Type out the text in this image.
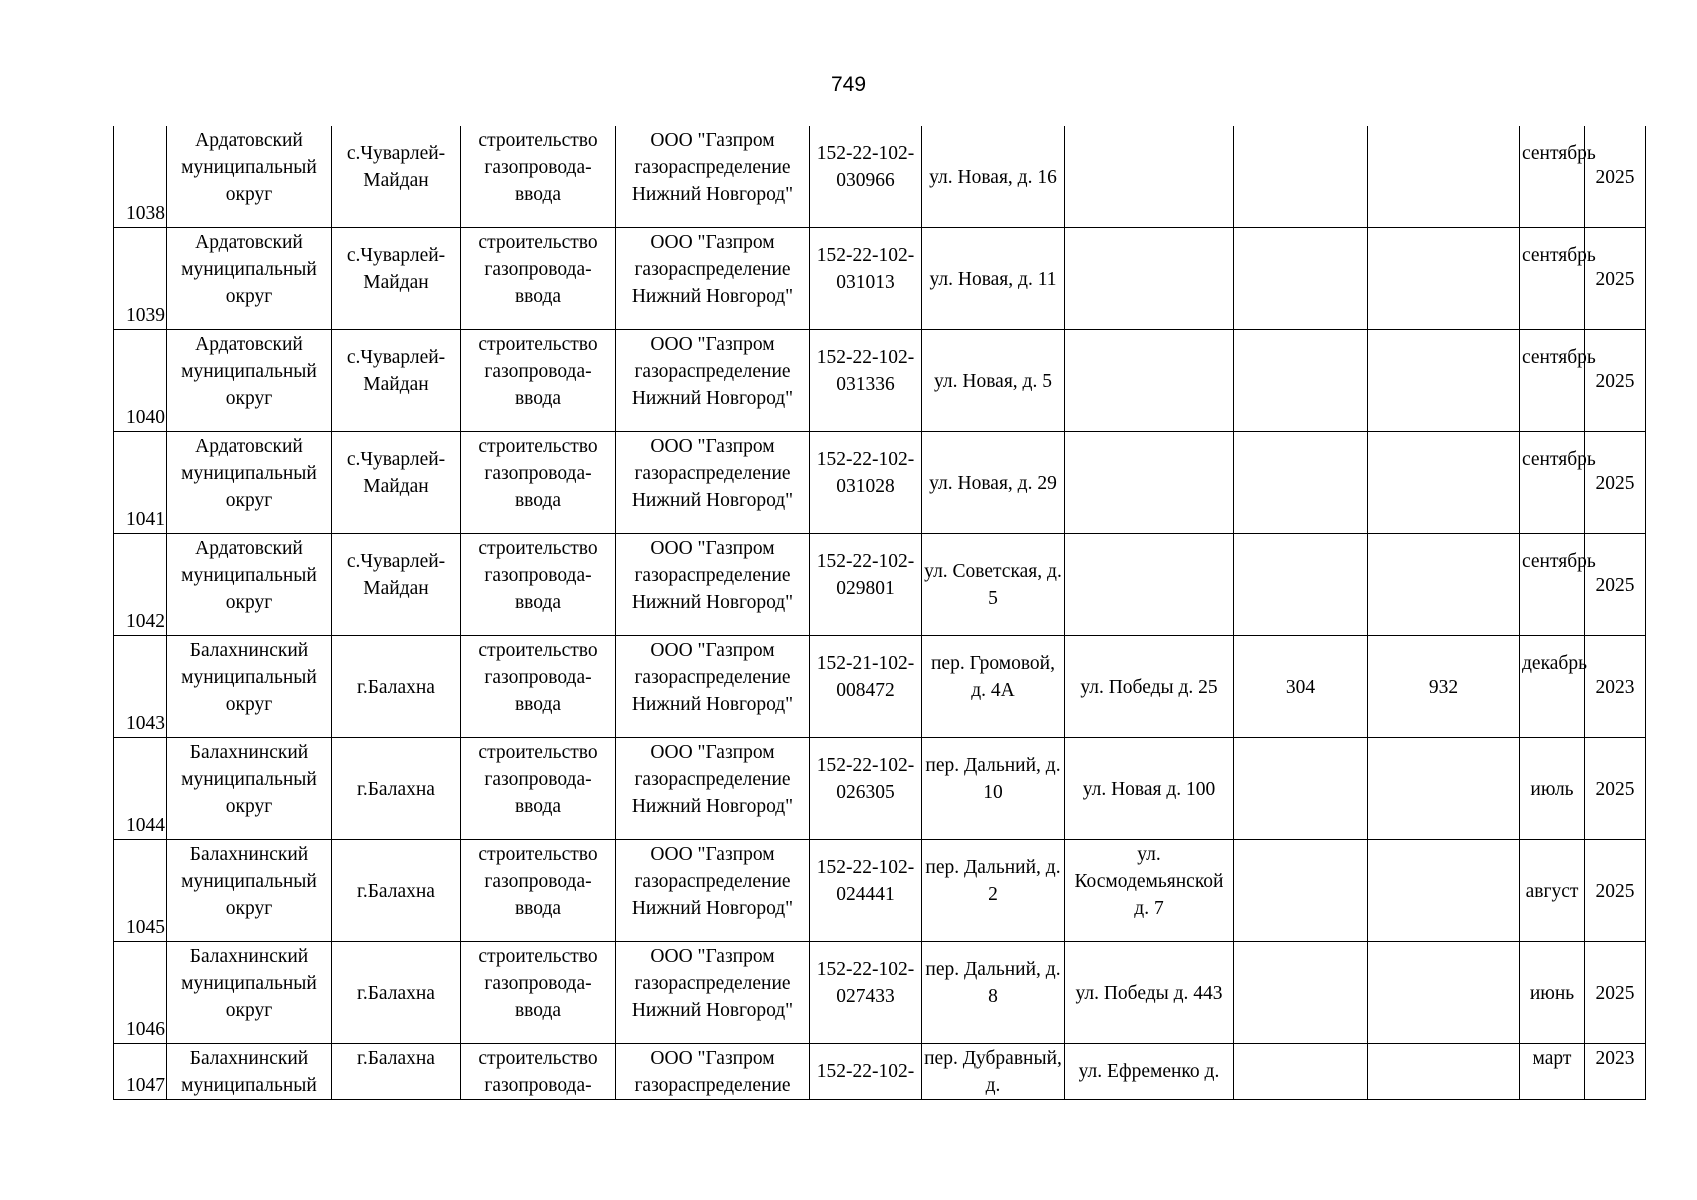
749
1038	Ардатовский муниципальный округ	с.Чуварлей-Майдан	строительство газопровода-ввода	ООО "Газпром газораспределение Нижний Новгород"	152-22-102-030966	ул. Новая, д. 16				сентябрь	2025
1039	Ардатовский муниципальный округ	с.Чуварлей-Майдан	строительство газопровода-ввода	ООО "Газпром газораспределение Нижний Новгород"	152-22-102-031013	ул. Новая, д. 11				сентябрь	2025
1040	Ардатовский муниципальный округ	с.Чуварлей-Майдан	строительство газопровода-ввода	ООО "Газпром газораспределение Нижний Новгород"	152-22-102-031336	ул. Новая, д. 5				сентябрь	2025
1041	Ардатовский муниципальный округ	с.Чуварлей-Майдан	строительство газопровода-ввода	ООО "Газпром газораспределение Нижний Новгород"	152-22-102-031028	ул. Новая, д. 29				сентябрь	2025
1042	Ардатовский муниципальный округ	с.Чуварлей-Майдан	строительство газопровода-ввода	ООО "Газпром газораспределение Нижний Новгород"	152-22-102-029801	ул. Советская, д. 5				сентябрь	2025
1043	Балахнинский муниципальный округ	г.Балахна	строительство газопровода-ввода	ООО "Газпром газораспределение Нижний Новгород"	152-21-102-008472	пер. Громовой, д. 4А	ул. Победы д. 25	304	932	декабрь	2023
1044	Балахнинский муниципальный округ	г.Балахна	строительство газопровода-ввода	ООО "Газпром газораспределение Нижний Новгород"	152-22-102-026305	пер. Дальний, д. 10	ул. Новая д. 100			июль	2025
1045	Балахнинский муниципальный округ	г.Балахна	строительство газопровода-ввода	ООО "Газпром газораспределение Нижний Новгород"	152-22-102-024441	пер. Дальний, д. 2	ул. Космодемьянской д. 7			август	2025
1046	Балахнинский муниципальный округ	г.Балахна	строительство газопровода-ввода	ООО "Газпром газораспределение Нижний Новгород"	152-22-102-027433	пер. Дальний, д. 8	ул. Победы д. 443			июнь	2025
1047	Балахнинский муниципальный	г.Балахна	строительство газопровода-	ООО "Газпром газораспределение	152-22-102-	пер. Дубравный, д.	ул. Ефременко д.			март	2023
